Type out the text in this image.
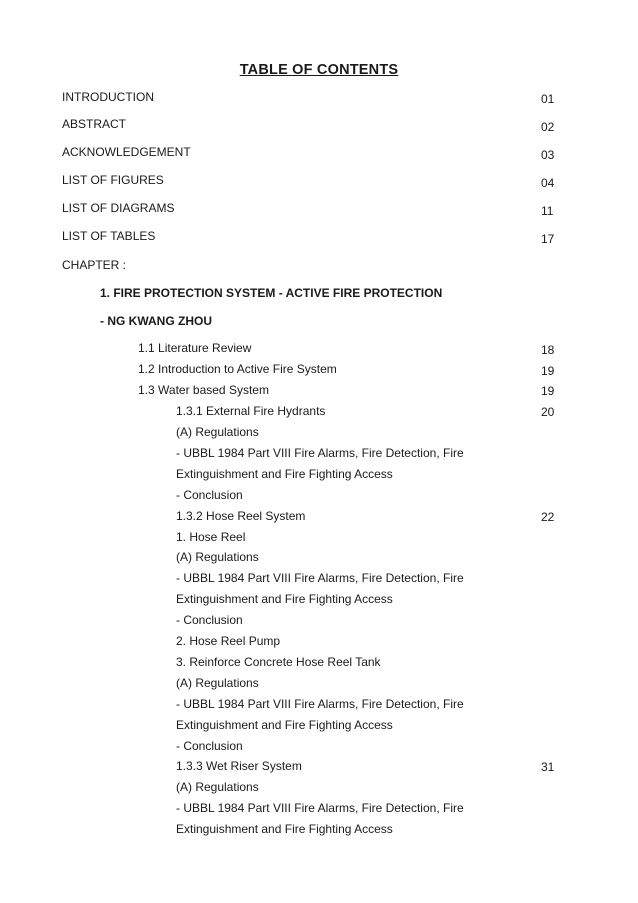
TABLE OF CONTENTS
INTRODUCTION	01
ABSTRACT	02
ACKNOWLEDGEMENT	03
LIST OF FIGURES	04
LIST OF DIAGRAMS	11
LIST OF TABLES	17
CHAPTER :
1. FIRE PROTECTION SYSTEM - ACTIVE FIRE PROTECTION
- NG KWANG ZHOU
1.1 Literature Review	18
1.2 Introduction to Active Fire System	19
1.3 Water based System	19
1.3.1 External Fire Hydrants	20
(A) Regulations
- UBBL 1984 Part VIII Fire Alarms, Fire Detection, Fire
Extinguishment and Fire Fighting Access
- Conclusion
1.3.2 Hose Reel System	22
1. Hose Reel
(A) Regulations
- UBBL 1984 Part VIII Fire Alarms, Fire Detection, Fire
Extinguishment and Fire Fighting Access
- Conclusion
2. Hose Reel Pump
3. Reinforce Concrete Hose Reel Tank
(A) Regulations
- UBBL 1984 Part VIII Fire Alarms, Fire Detection, Fire
Extinguishment and Fire Fighting Access
- Conclusion
1.3.3 Wet Riser System	31
(A) Regulations
- UBBL 1984 Part VIII Fire Alarms, Fire Detection, Fire
Extinguishment and Fire Fighting Access
